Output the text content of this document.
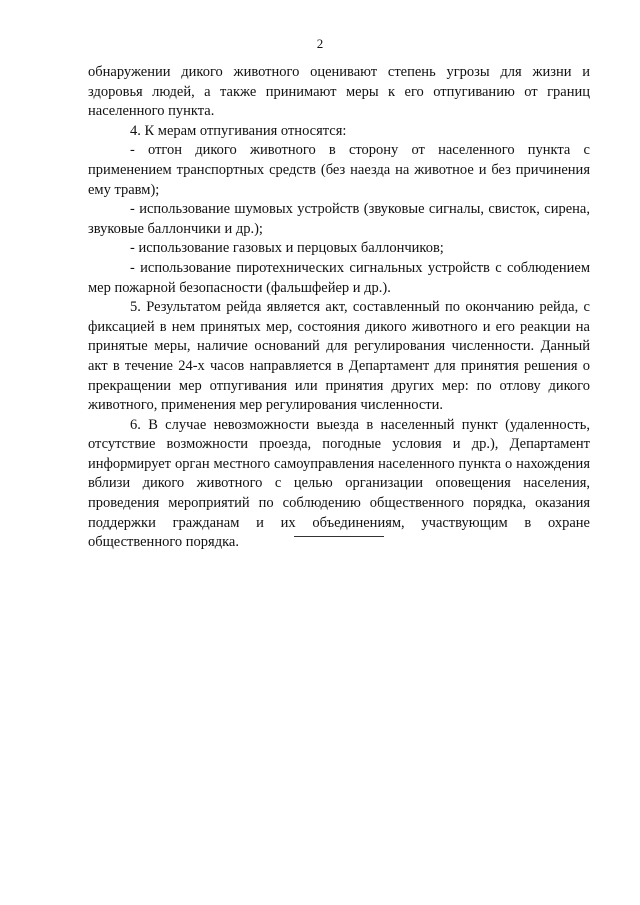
2

обнаружении дикого животного оценивают степень угрозы для жизни и здоровья людей, а также принимают меры к его отпугиванию от границ населенного пункта.

4. К мерам отпугивания относятся:

- отгон дикого животного в сторону от населенного пункта с применением транспортных средств (без наезда на животное и без причинения ему травм);

- использование шумовых устройств (звуковые сигналы, свисток, сирена, звуковые баллончики и др.);

- использование газовых и перцовых баллончиков;

- использование пиротехнических сигнальных устройств с соблюдением мер пожарной безопасности (фальшфейер и др.).

5. Результатом рейда является акт, составленный по окончанию рейда, с фиксацией в нем принятых мер, состояния дикого животного и его реакции на принятые меры, наличие оснований для регулирования численности. Данный акт в течение 24-х часов направляется в Департамент для принятия решения о прекращении мер отпугивания или принятия других мер: по отлову дикого животного, применения мер регулирования численности.

6. В случае невозможности выезда в населенный пункт (удаленность, отсутствие возможности проезда, погодные условия и др.), Департамент информирует орган местного самоуправления населенного пункта о нахождения вблизи дикого животного с целью организации оповещения населения, проведения мероприятий по соблюдению общественного порядка, оказания поддержки гражданам и их объединениям, участвующим в охране общественного порядка.
